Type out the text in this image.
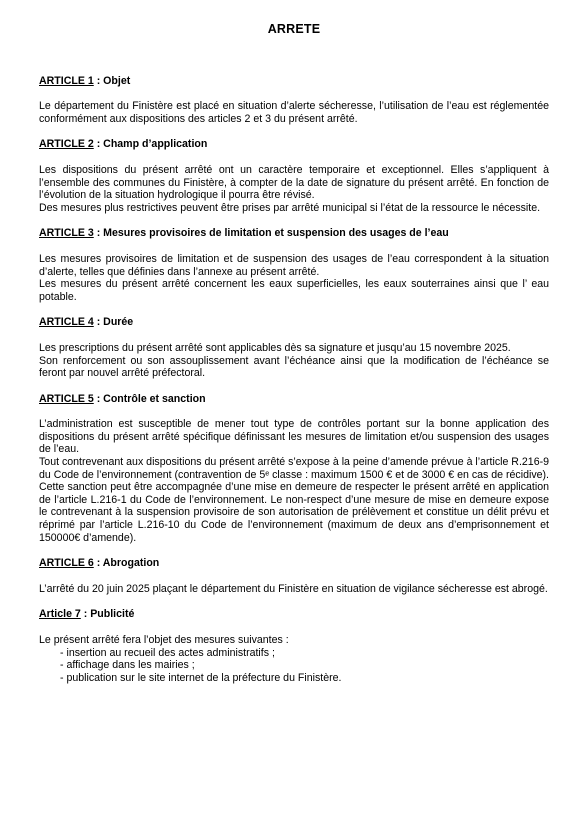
ARRETE
ARTICLE 1 : Objet

Le département du Finistère est placé en situation d’alerte sécheresse, l’utilisation de l’eau est réglementée conformément aux dispositions des articles 2 et 3 du présent arrêté.

ARTICLE 2 : Champ d’application

Les dispositions du présent arrêté ont un caractère temporaire et exceptionnel. Elles s’appliquent à l’ensemble des communes du Finistère, à compter de la date de signature du présent arrêté. En fonction de l’évolution de la situation hydrologique il pourra être révisé.

Des mesures plus restrictives peuvent être prises par arrêté municipal si l’état de la ressource le nécessite.

ARTICLE 3 : Mesures provisoires de limitation et suspension des usages de l’eau

Les mesures provisoires de limitation et de suspension des usages de l’eau correspondent à la situation d’alerte, telles que définies dans l’annexe au présent arrêté.

Les mesures du présent arrêté concernent les eaux superficielles, les eaux souterraines ainsi que l’ eau potable.

ARTICLE 4 : Durée

Les prescriptions du présent arrêté sont applicables dès sa signature et jusqu’au 15 novembre 2025.

Son renforcement ou son assouplissement avant l’échéance ainsi que la modification de l’échéance se feront par nouvel arrêté préfectoral.

ARTICLE 5 : Contrôle et sanction

L’administration est susceptible de mener tout type de contrôles portant sur la bonne application des dispositions du présent arrêté spécifique définissant les mesures de limitation et/ou suspension des usages de l’eau.

Tout contrevenant aux dispositions du présent arrêté s’expose à la peine d’amende prévue à l’article R.216-9 du Code de l’environnement (contravention de 5ᵉ classe : maximum 1500 € et de 3000 € en cas de récidive). Cette sanction peut être accompagnée d’une mise en demeure de respecter le présent arrêté en application de l’article L.216-1 du Code de l’environnement. Le non-respect d’une mesure de mise en demeure expose le contrevenant à la suspension provisoire de son autorisation de prélèvement et constitue un délit prévu et réprimé par l’article L.216-10 du Code de l’environnement (maximum de deux ans d’emprisonnement et 150000€ d’amende).

ARTICLE 6 : Abrogation

L’arrêté du 20 juin 2025 plaçant le département du Finistère en situation de vigilance sécheresse est abrogé.

Article 7 : Publicité

Le présent arrêté fera l’objet des mesures suivantes :

- insertion au recueil des actes administratifs ;
- affichage dans les mairies ;
- publication sur le site internet de la préfecture du Finistère.
